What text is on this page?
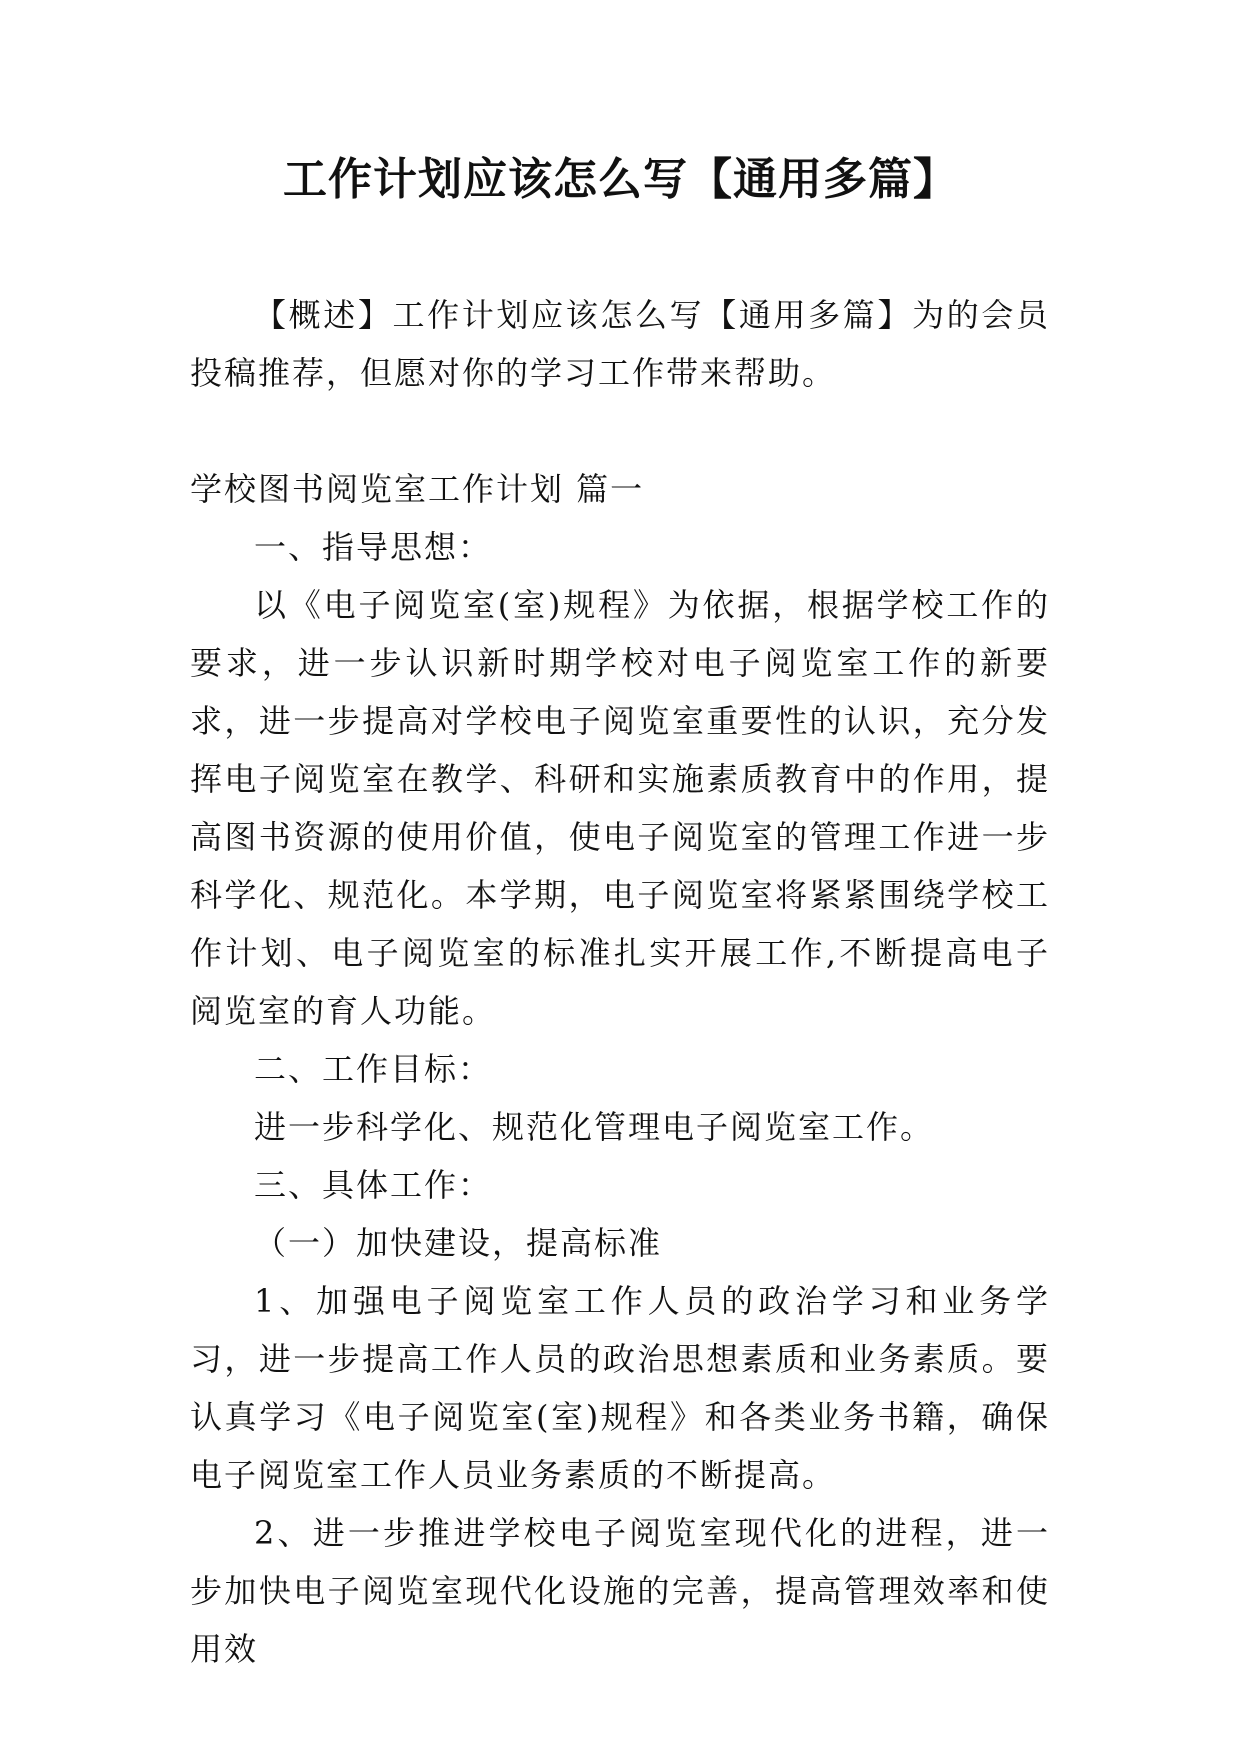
工作计划应该怎么写【通用多篇】

【概述】工作计划应该怎么写【通用多篇】为的会员投稿推荐，但愿对你的学习工作带来帮助。

学校图书阅览室工作计划 篇一

一、指导思想：

以《电子阅览室(室)规程》为依据，根据学校工作的要求，进一步认识新时期学校对电子阅览室工作的新要求，进一步提高对学校电子阅览室重要性的认识，充分发挥电子阅览室在教学、科研和实施素质教育中的作用，提高图书资源的使用价值，使电子阅览室的管理工作进一步科学化、规范化。本学期，电子阅览室将紧紧围绕学校工作计划、电子阅览室的标准扎实开展工作,不断提高电子阅览室的育人功能。

二、工作目标：

进一步科学化、规范化管理电子阅览室工作。

三、具体工作：

（一）加快建设，提高标准

1、加强电子阅览室工作人员的政治学习和业务学习，进一步提高工作人员的政治思想素质和业务素质。要认真学习《电子阅览室(室)规程》和各类业务书籍，确保电子阅览室工作人员业务素质的不断提高。

2、进一步推进学校电子阅览室现代化的进程，进一步加快电子阅览室现代化设施的完善，提高管理效率和使用效
